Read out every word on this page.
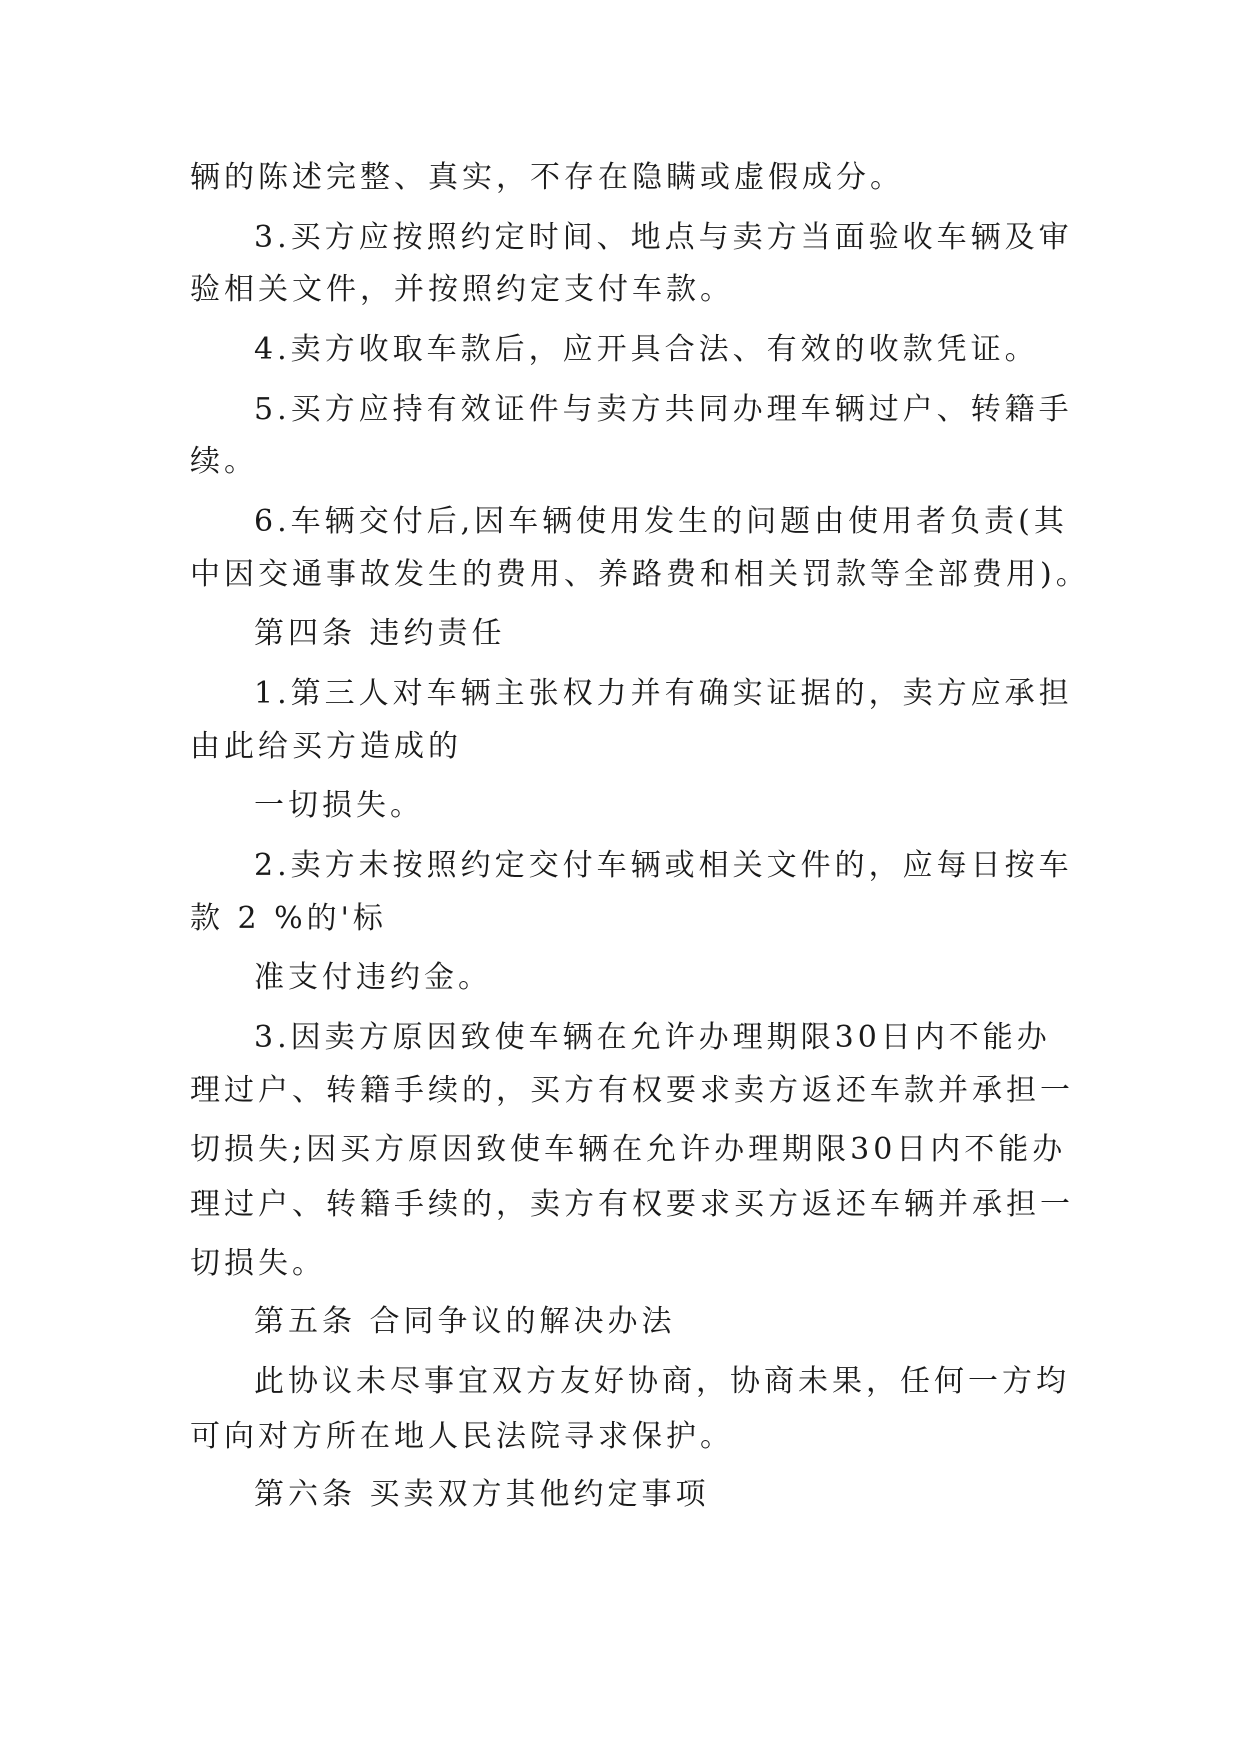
辆的陈述完整、真实，不存在隐瞒或虚假成分。
3.买方应按照约定时间、地点与卖方当面验收车辆及审
验相关文件，并按照约定支付车款。
4.卖方收取车款后，应开具合法、有效的收款凭证。
5.买方应持有效证件与卖方共同办理车辆过户、转籍手
续。
6.车辆交付后,因车辆使用发生的问题由使用者负责(其
中因交通事故发生的费用、养路费和相关罚款等全部费用)。
第四条 违约责任
1.第三人对车辆主张权力并有确实证据的，卖方应承担
由此给买方造成的
一切损失。
2.卖方未按照约定交付车辆或相关文件的，应每日按车
款 2 %的'标
准支付违约金。
3.因卖方原因致使车辆在允许办理期限30日内不能办
理过户、转籍手续的，买方有权要求卖方返还车款并承担一
切损失;因买方原因致使车辆在允许办理期限30日内不能办
理过户、转籍手续的，卖方有权要求买方返还车辆并承担一
切损失。
第五条 合同争议的解决办法
此协议未尽事宜双方友好协商，协商未果，任何一方均
可向对方所在地人民法院寻求保护。
第六条 买卖双方其他约定事项
